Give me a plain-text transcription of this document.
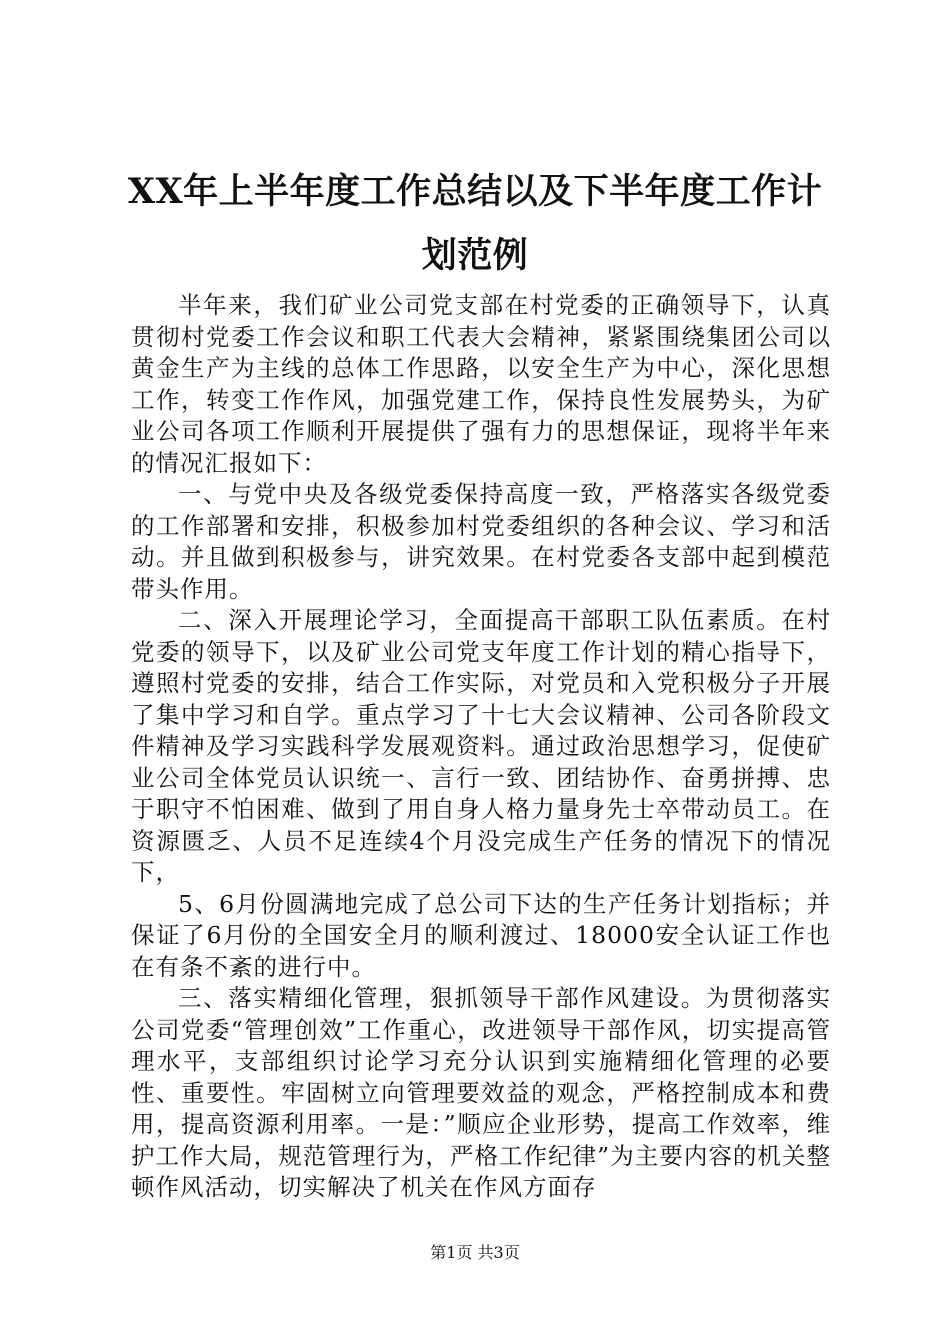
XX年上半年度工作总结以及下半年度工作计划范例

半年来，我们矿业公司党支部在村党委的正确领导下，认真贯彻村党委工作会议和职工代表大会精神，紧紧围绕集团公司以黄金生产为主线的总体工作思路，以安全生产为中心，深化思想工作，转变工作作风，加强党建工作，保持良性发展势头，为矿业公司各项工作顺利开展提供了强有力的思想保证，现将半年来的情况汇报如下：

一、与党中央及各级党委保持高度一致，严格落实各级党委的工作部署和安排，积极参加村党委组织的各种会议、学习和活动。并且做到积极参与，讲究效果。在村党委各支部中起到模范带头作用。

二、深入开展理论学习，全面提高干部职工队伍素质。在村党委的领导下，以及矿业公司党支年度工作计划的精心指导下，遵照村党委的安排，结合工作实际，对党员和入党积极分子开展了集中学习和自学。重点学习了十七大会议精神、公司各阶段文件精神及学习实践科学发展观资料。通过政治思想学习，促使矿业公司全体党员认识统一、言行一致、团结协作、奋勇拼搏、忠于职守不怕困难、做到了用自身人格力量身先士卒带动员工。在资源匮乏、人员不足连续4个月没完成生产任务的情况下的情况下，

5、6月份圆满地完成了总公司下达的生产任务计划指标；并保证了6月份的全国安全月的顺利渡过、18000安全认证工作也在有条不紊的进行中。

三、落实精细化管理，狠抓领导干部作风建设。为贯彻落实公司党委“管理创效”工作重心，改进领导干部作风，切实提高管理水平，支部组织讨论学习充分认识到实施精细化管理的必要性、重要性。牢固树立向管理要效益的观念，严格控制成本和费用，提高资源利用率。一是：”顺应企业形势，提高工作效率，维护工作大局，规范管理行为，严格工作纪律”为主要内容的机关整顿作风活动，切实解决了机关在作风方面存

第1页 共3页
